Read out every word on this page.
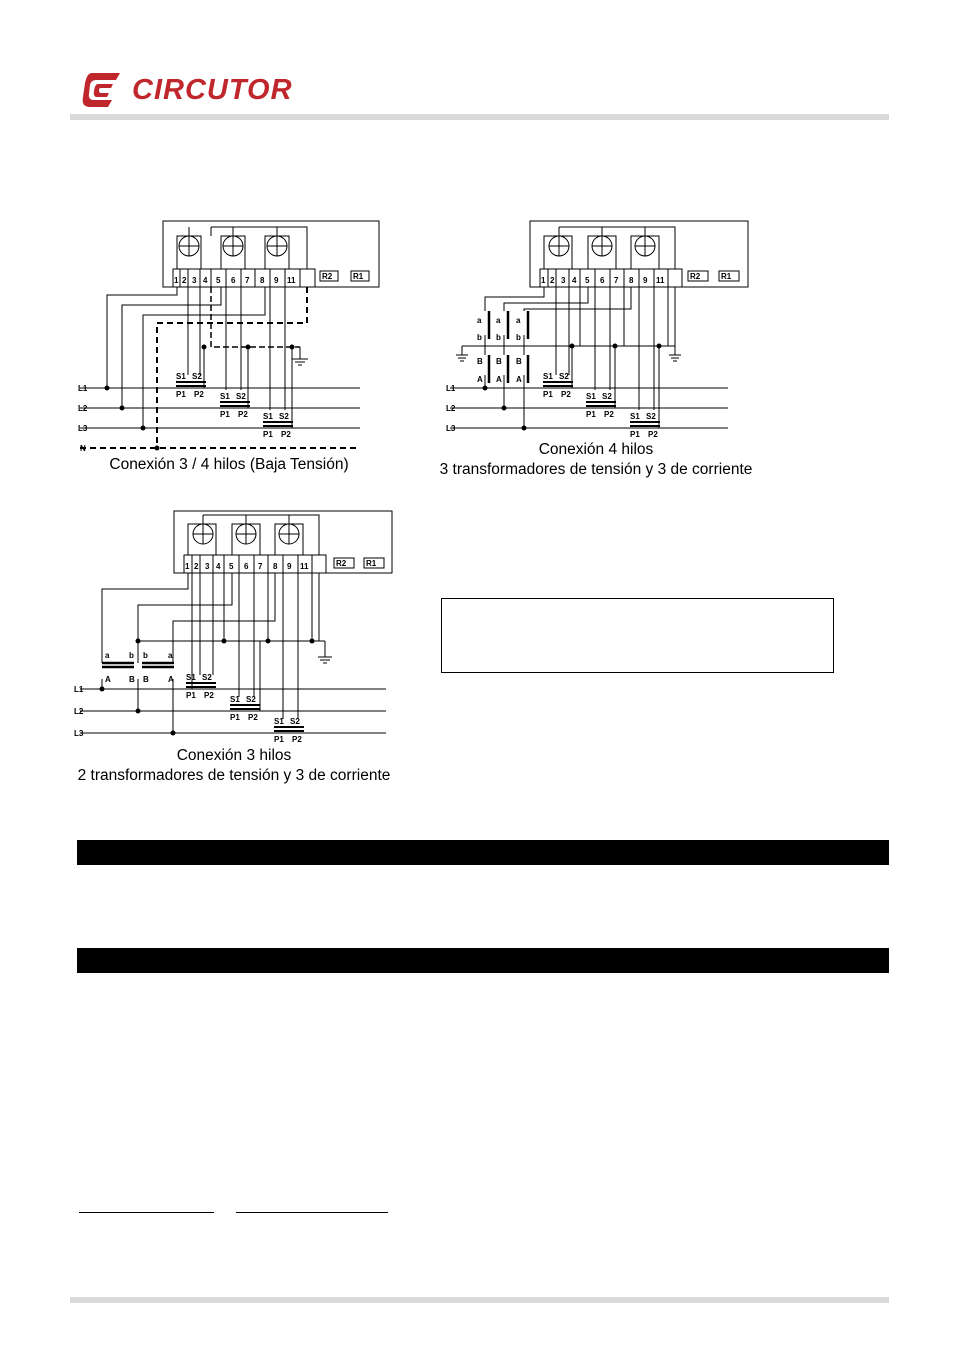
CIRCUTOR
1 2 3 4 5 6 7 8 9 11	R2	R1
L1
L2
L3
N
S1 S2
P1 P2 S1 S2
P1 P2 S1 S2
P1 P2
Conexión 3 / 4 hilos (Baja Tensión)
1 2 3 4 5 6 7 8 9 11	R2	R1
L1
L2
L3
a
b
a
b
a
b
B
A
B
A
B
A	S1 S2
P1 P2 S1 S2
P1 P2 S1 S2
P1 P2
Conexión 4 hilos
3 transformadores de tensión y 3 de corriente
1 2 3 4 5 6 7 8 9 11	R2 R1
L1
L2
L3
a b
A B
b	a
B A S1 S2
P1 P2 S1 S2
P1 P2 S1 S2
P1 P2
Conexión 3 hilos
2 transformadores de tensión y 3 de corriente
